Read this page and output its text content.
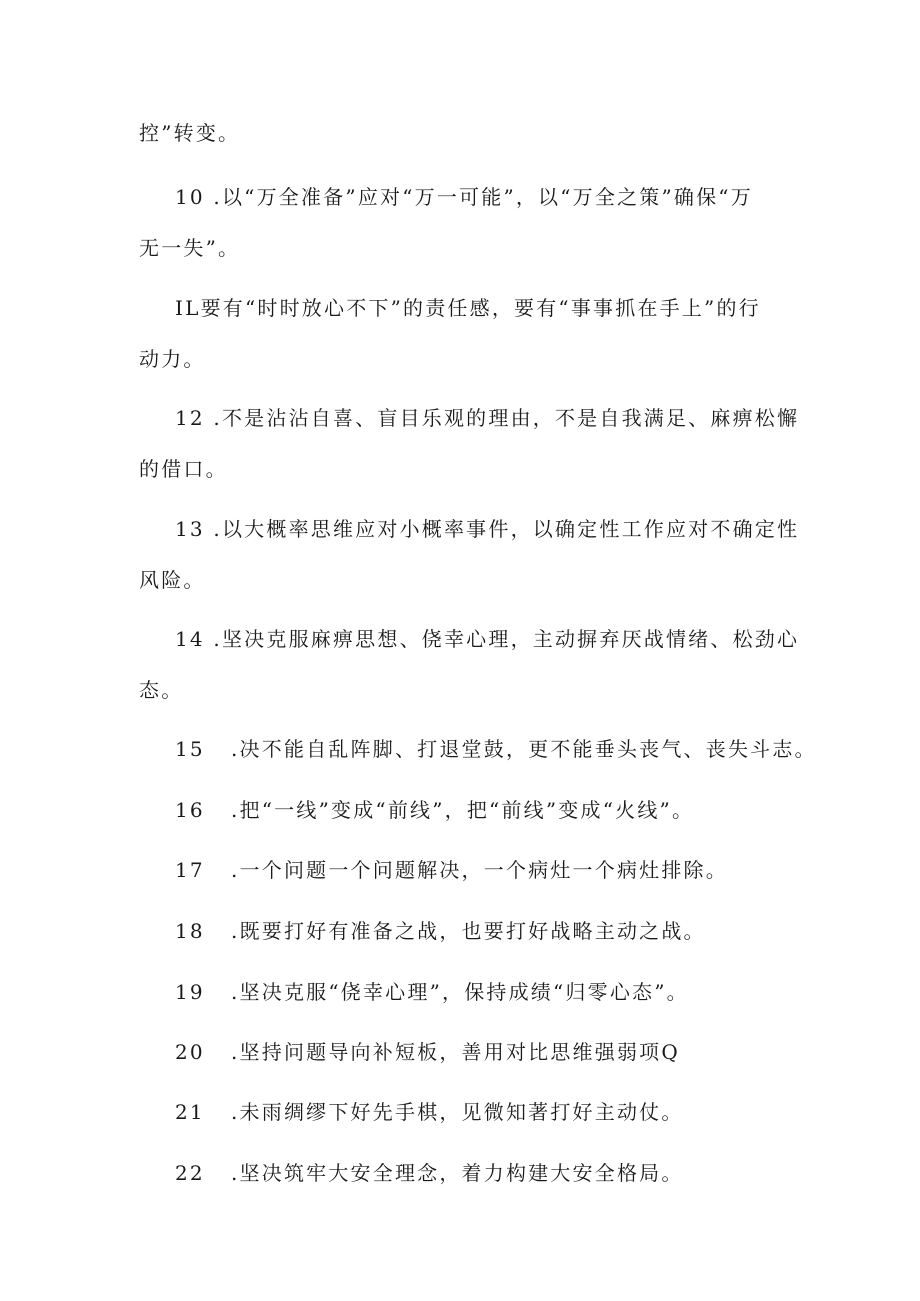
控”转变。
10 .以“万全准备”应对“万一可能”，以“万全之策”确保“万
无一失”。
IL要有“时时放心不下”的责任感，要有“事事抓在手上”的行
动力。
12 .不是沾沾自喜、盲目乐观的理由，不是自我满足、麻痹松懈
的借口。
13 .以大概率思维应对小概率事件，以确定性工作应对不确定性
风险。
14 .坚决克服麻痹思想、侥幸心理，主动摒弃厌战情绪、松劲心
态。
15 .决不能自乱阵脚、打退堂鼓，更不能垂头丧气、丧失斗志。
16 .把“一线”变成“前线”，把“前线”变成“火线”。
17 .一个问题一个问题解决，一个病灶一个病灶排除。
18 .既要打好有准备之战，也要打好战略主动之战。
19 .坚决克服“侥幸心理”，保持成绩“归零心态”。
20 .坚持问题导向补短板，善用对比思维强弱项Q
21 .未雨绸缪下好先手棋，见微知著打好主动仗。
22 .坚决筑牢大安全理念，着力构建大安全格局。
